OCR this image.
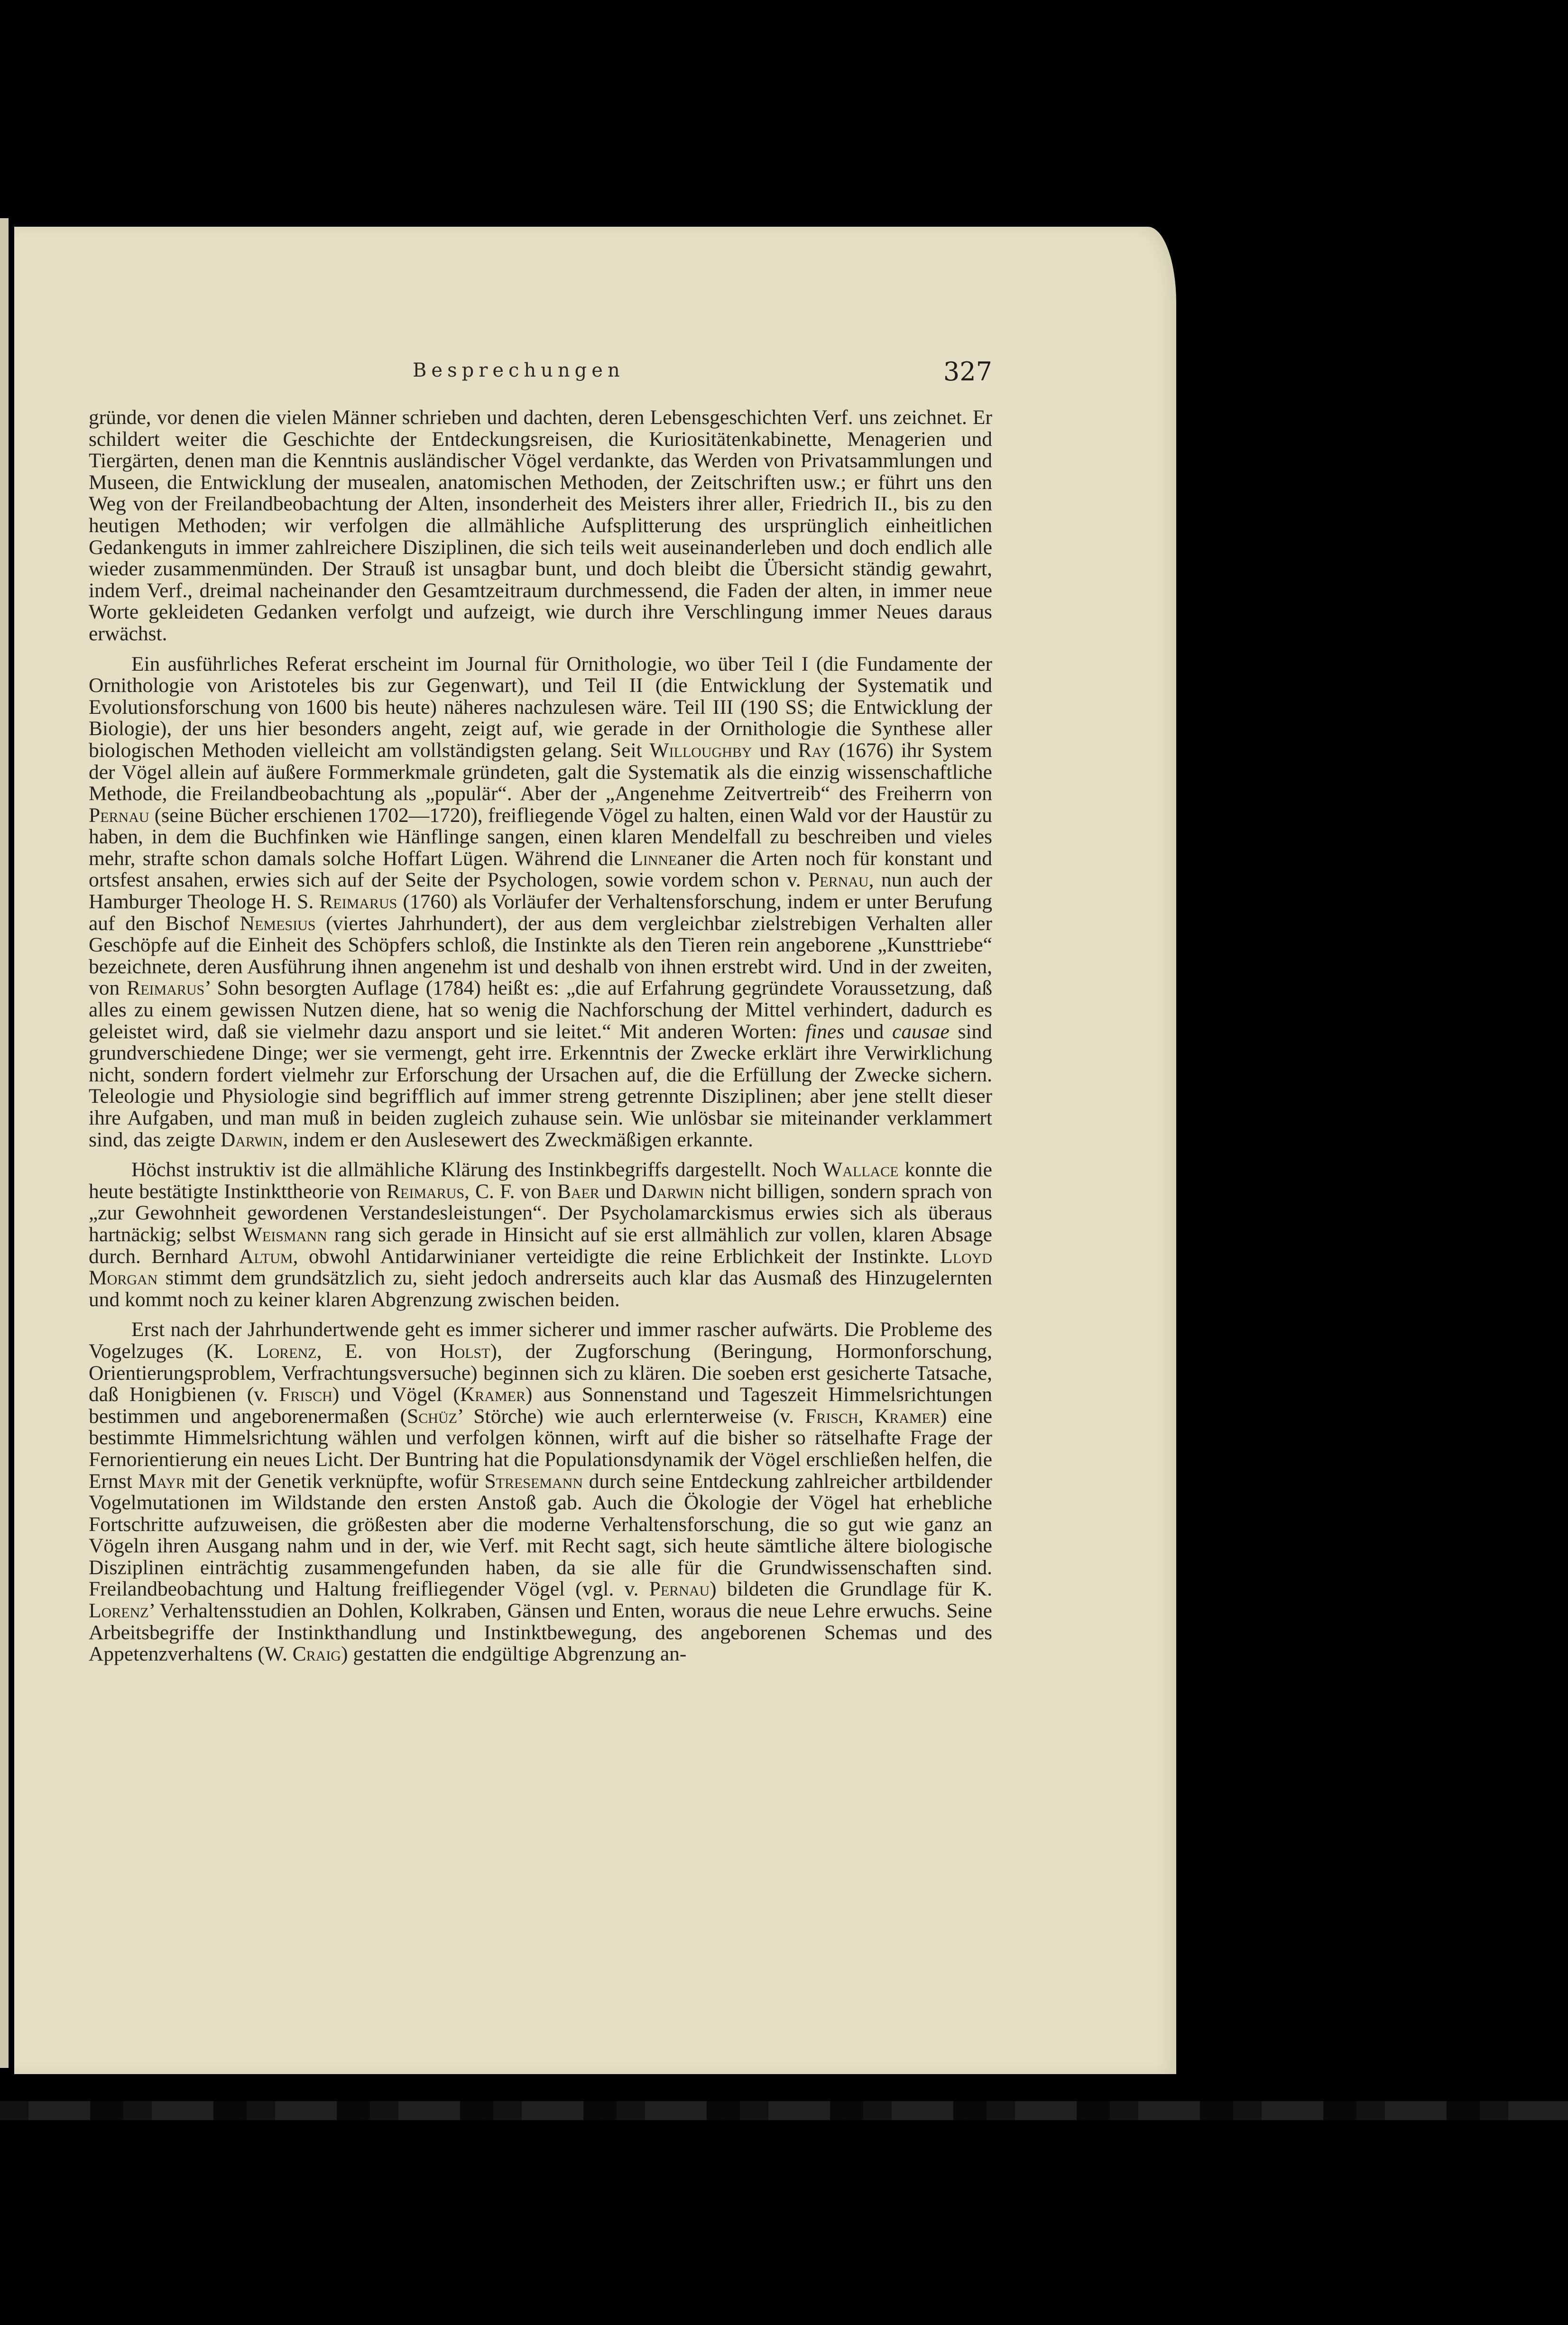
Besprechungen	327

gründe, vor denen die vielen Männer schrieben und dachten, deren Lebensgeschichten Verf. uns zeichnet. Er schildert weiter die Geschichte der Entdeckungsreisen, die Kuriositätenkabinette, Menagerien und Tiergärten, denen man die Kenntnis ausländischer Vögel verdankte, das Werden von Privatsammlungen und Museen, die Entwicklung der musealen, anatomischen Methoden, der Zeitschriften usw.; er führt uns den Weg von der Freilandbeobachtung der Alten, insonderheit des Meisters ihrer aller, Friedrich II., bis zu den heutigen Methoden; wir verfolgen die allmähliche Aufsplitterung des ursprünglich einheitlichen Gedankenguts in immer zahlreichere Disziplinen, die sich teils weit auseinanderleben und doch endlich alle wieder zusammenmünden. Der Strauß ist unsagbar bunt, und doch bleibt die Übersicht ständig gewahrt, indem Verf., dreimal nacheinander den Gesamtzeitraum durchmessend, die Faden der alten, in immer neue Worte gekleideten Gedanken verfolgt und aufzeigt, wie durch ihre Verschlingung immer Neues daraus erwächst.

Ein ausführliches Referat erscheint im Journal für Ornithologie, wo über Teil I (die Fundamente der Ornithologie von Aristoteles bis zur Gegenwart), und Teil II (die Entwicklung der Systematik und Evolutionsforschung von 1600 bis heute) näheres nachzulesen wäre. Teil III (190 SS; die Entwicklung der Biologie), der uns hier besonders angeht, zeigt auf, wie gerade in der Ornithologie die Synthese aller biologischen Methoden vielleicht am vollständigsten gelang. Seit Willoughby und Ray (1676) ihr System der Vögel allein auf äußere Formmerkmale gründeten, galt die Systematik als die einzig wissenschaftliche Methode, die Freilandbeobachtung als „populär“. Aber der „Angenehme Zeitvertreib“ des Freiherrn von Pernau (seine Bücher erschienen 1702—1720), freifliegende Vögel zu halten, einen Wald vor der Haustür zu haben, in dem die Buchfinken wie Hänflinge sangen, einen klaren Mendelfall zu beschreiben und vieles mehr, strafte schon damals solche Hoffart Lügen. Während die Linneaner die Arten noch für konstant und ortsfest ansahen, erwies sich auf der Seite der Psychologen, sowie vordem schon v. Pernau, nun auch der Hamburger Theologe H. S. Reimarus (1760) als Vorläufer der Verhaltensforschung, indem er unter Berufung auf den Bischof Nemesius (viertes Jahrhundert), der aus dem vergleichbar zielstrebigen Verhalten aller Geschöpfe auf die Einheit des Schöpfers schloß, die Instinkte als den Tieren rein angeborene „Kunsttriebe“ bezeichnete, deren Ausführung ihnen angenehm ist und deshalb von ihnen erstrebt wird. Und in der zweiten, von Reimarus’ Sohn besorgten Auflage (1784) heißt es: „die auf Erfahrung gegründete Voraussetzung, daß alles zu einem gewissen Nutzen diene, hat so wenig die Nachforschung der Mittel verhindert, dadurch es geleistet wird, daß sie vielmehr dazu ansport und sie leitet.“ Mit anderen Worten: fines und causae sind grundverschiedene Dinge; wer sie vermengt, geht irre. Erkenntnis der Zwecke erklärt ihre Verwirklichung nicht, sondern fordert vielmehr zur Erforschung der Ursachen auf, die die Erfüllung der Zwecke sichern. Teleologie und Physiologie sind begrifflich auf immer streng getrennte Disziplinen; aber jene stellt dieser ihre Aufgaben, und man muß in beiden zugleich zuhause sein. Wie unlösbar sie miteinander verklammert sind, das zeigte Darwin, indem er den Auslesewert des Zweckmäßigen erkannte.

Höchst instruktiv ist die allmähliche Klärung des Instinkbegriffs dargestellt. Noch Wallace konnte die heute bestätigte Instinkttheorie von Reimarus, C. F. von Baer und Darwin nicht billigen, sondern sprach von „zur Gewohnheit gewordenen Verstandesleistungen“. Der Psycholamarckismus erwies sich als überaus hartnäckig; selbst Weismann rang sich gerade in Hinsicht auf sie erst allmählich zur vollen, klaren Absage durch. Bernhard Altum, obwohl Antidarwinianer verteidigte die reine Erblichkeit der Instinkte. Lloyd Morgan stimmt dem grundsätzlich zu, sieht jedoch andrerseits auch klar das Ausmaß des Hinzugelernten und kommt noch zu keiner klaren Abgrenzung zwischen beiden.

Erst nach der Jahrhundertwende geht es immer sicherer und immer rascher aufwärts. Die Probleme des Vogelzuges (K. Lorenz, E. von Holst), der Zugforschung (Beringung, Hormonforschung, Orientierungsproblem, Verfrachtungsversuche) beginnen sich zu klären. Die soeben erst gesicherte Tatsache, daß Honigbienen (v. Frisch) und Vögel (Kramer) aus Sonnenstand und Tageszeit Himmelsrichtungen bestimmen und angeborenermaßen (Schüz’ Störche) wie auch erlernterweise (v. Frisch, Kramer) eine bestimmte Himmelsrichtung wählen und verfolgen können, wirft auf die bisher so rätselhafte Frage der Fernorientierung ein neues Licht. Der Buntring hat die Populationsdynamik der Vögel erschließen helfen, die Ernst Mayr mit der Genetik verknüpfte, wofür Stresemann durch seine Entdeckung zahlreicher artbildender Vogelmutationen im Wildstande den ersten Anstoß gab. Auch die Ökologie der Vögel hat erhebliche Fortschritte aufzuweisen, die größesten aber die moderne Verhaltensforschung, die so gut wie ganz an Vögeln ihren Ausgang nahm und in der, wie Verf. mit Recht sagt, sich heute sämtliche ältere biologische Disziplinen einträchtig zusammengefunden haben, da sie alle für die Grundwissenschaften sind. Freilandbeobachtung und Haltung freifliegender Vögel (vgl. v. Pernau) bildeten die Grundlage für K. Lorenz’ Verhaltensstudien an Dohlen, Kolkraben, Gänsen und Enten, woraus die neue Lehre erwuchs. Seine Arbeitsbegriffe der Instinkthandlung und Instinktbewegung, des angeborenen Schemas und des Appetenzverhaltens (W. Craig) gestatten die endgültige Abgrenzung an-
